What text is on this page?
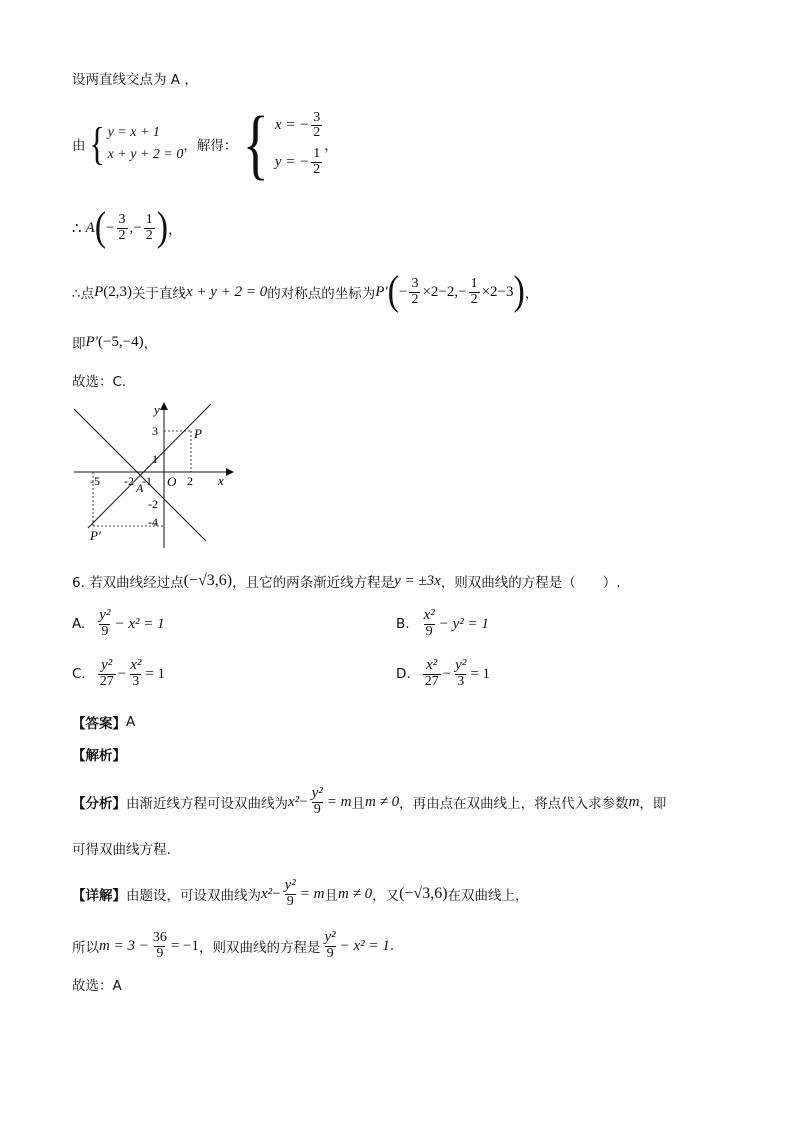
设两直线交点为 A ，
由 { y = x + 1
x + y + 2 = 0
，解得： { x = − $\frac{3}{2}$
y = − $\frac{1}{2}$
，
∴ A ( − $\frac{3}{2}$ ,− $\frac{1}{2}$ ) ，
∴点 P (2,3) 关于直线 x + y + 2 = 0 的对称点的坐标为 P′ ( − $\frac{3}{2} \times 2-2,- \frac{1}{2} \times 2-3$ ) ，
即 P′ (−5,−4) ，
故选：C.
y
x
O
P
P′
A
3
1
2
-5 -2 -1
-2
-4
6. 若双曲线经过点 (−√3,6) ，且它的两条渐近线方程是 y = ±3x ，则双曲线的方程是（　　）.
A. $\frac{\text{y²}}{9} - x^2 = 1$	B. $\frac{\text{x²}}{9} - y^2 = 1$
C. $\frac{\text{y²}}{27} - \frac{\text{x²}}{3} = 1$	D. $\frac{\text{x²}}{27} - \frac{\text{y²}}{3} = 1$
【答案】 A
【解析】
【分析】 由渐近线方程可设双曲线为 $x^2 - \frac{\text{y²}}{9} = m$ 且 m ≠ 0 ，再由点在双曲线上，将点代入求参数 m ，即
可得双曲线方程.
【详解】 由题设，可设双曲线为 $x^2 - \frac{\text{y²}}{9} = m$ 且 m ≠ 0 ，又 (−√3,6) 在双曲线上，
所以 $m = 3 - \frac{36}{9} = -1$ ，则双曲线的方程是 $\frac{\text{y²}}{9} - x^2 = 1$ .
故选：A
